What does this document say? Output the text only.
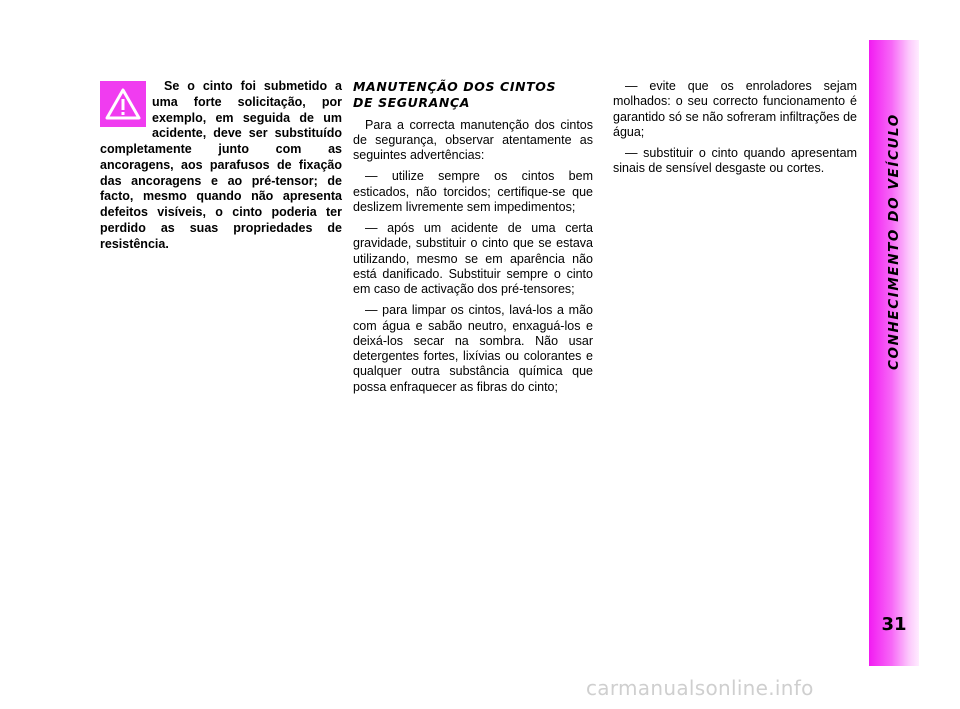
CONHECIMENTO DO VEÍCULO
31

Se o cinto foi submetido a uma forte solicitação, por exemplo, em seguida de um acidente, deve ser substituído completamente junto com as ancoragens, aos parafusos de fixação das ancoragens e ao pré-tensor; de facto, mesmo quando não apresenta defeitos visíveis, o cinto poderia ter perdido as suas propriedades de resistência.

MANUTENÇÃO DOS CINTOS
DE SEGURANÇA

Para a correcta manutenção dos cintos de segurança, observar atentamente as seguintes advertências:

— utilize sempre os cintos bem esticados, não torcidos; certifique-se que deslizem livremente sem impedimentos;

— após um acidente de uma certa gravidade, substituir o cinto que se estava utilizando, mesmo se em aparência não está danificado. Substituir sempre o cinto em caso de activação dos pré-tensores;

— para limpar os cintos, lavá-los a mão com água e sabão neutro, enxaguá-los e deixá-los secar na sombra. Não usar detergentes fortes, lixívias ou colorantes e qualquer outra substância química que possa enfraquecer as fibras do cinto;

— evite que os enroladores sejam molhados: o seu correcto funcionamento é garantido só se não sofreram infiltrações de água;

— substituir o cinto quando apresentam sinais de sensível desgaste ou cortes.

carmanualsonline.info
